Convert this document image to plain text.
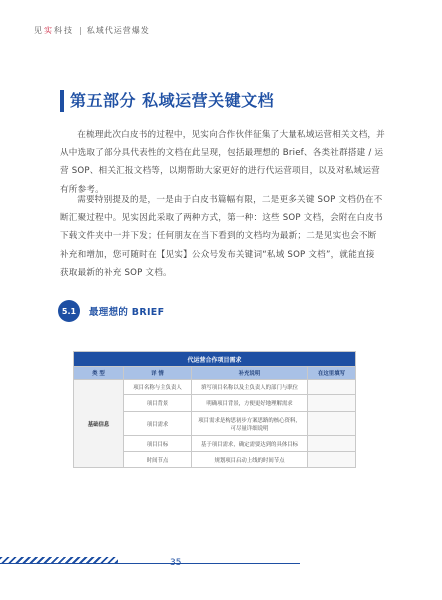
见实科技 | 私域代运营爆发
第五部分 私域运营关键文档
在梳理此次白皮书的过程中，见实向合作伙伴征集了大量私域运营相关文档，并
从中选取了部分具代表性的文档在此呈现，包括最理想的 Brief、各类社群搭建 / 运
营 SOP、相关汇报文档等，以期帮助大家更好的进行代运营项目，以及对私域运营
有所参考。
需要特别提及的是，一是由于白皮书篇幅有限，二是更多关键 SOP 文档仍在不
断汇聚过程中。见实因此采取了两种方式，第一种：这些 SOP 文档，会附在白皮书
下载文件夹中一并下发；任何朋友在当下看到的文档均为最新；二是见实也会不断
补充和增加，您可随时在【见实】公众号发布关键词“私域 SOP 文档”，就能直接
获取最新的补充 SOP 文档。
5.1	最理想的 BRIEF
代运营合作项目需求			
类 型	详 情	补充说明	在这里填写
基础信息	项目名称与主负责人	填写项目名称以及主负责人的部门与职位	
	项目背景	明确项目背景，方便更好地理解需求	
	项目需求	项目需求是构思初步方案思路的核心资料，可尽量详细说明	
	项目目标	基于项目需求，确定需要达到的具体目标	
	时间节点	规划项目启动上线的时间节点	
35
